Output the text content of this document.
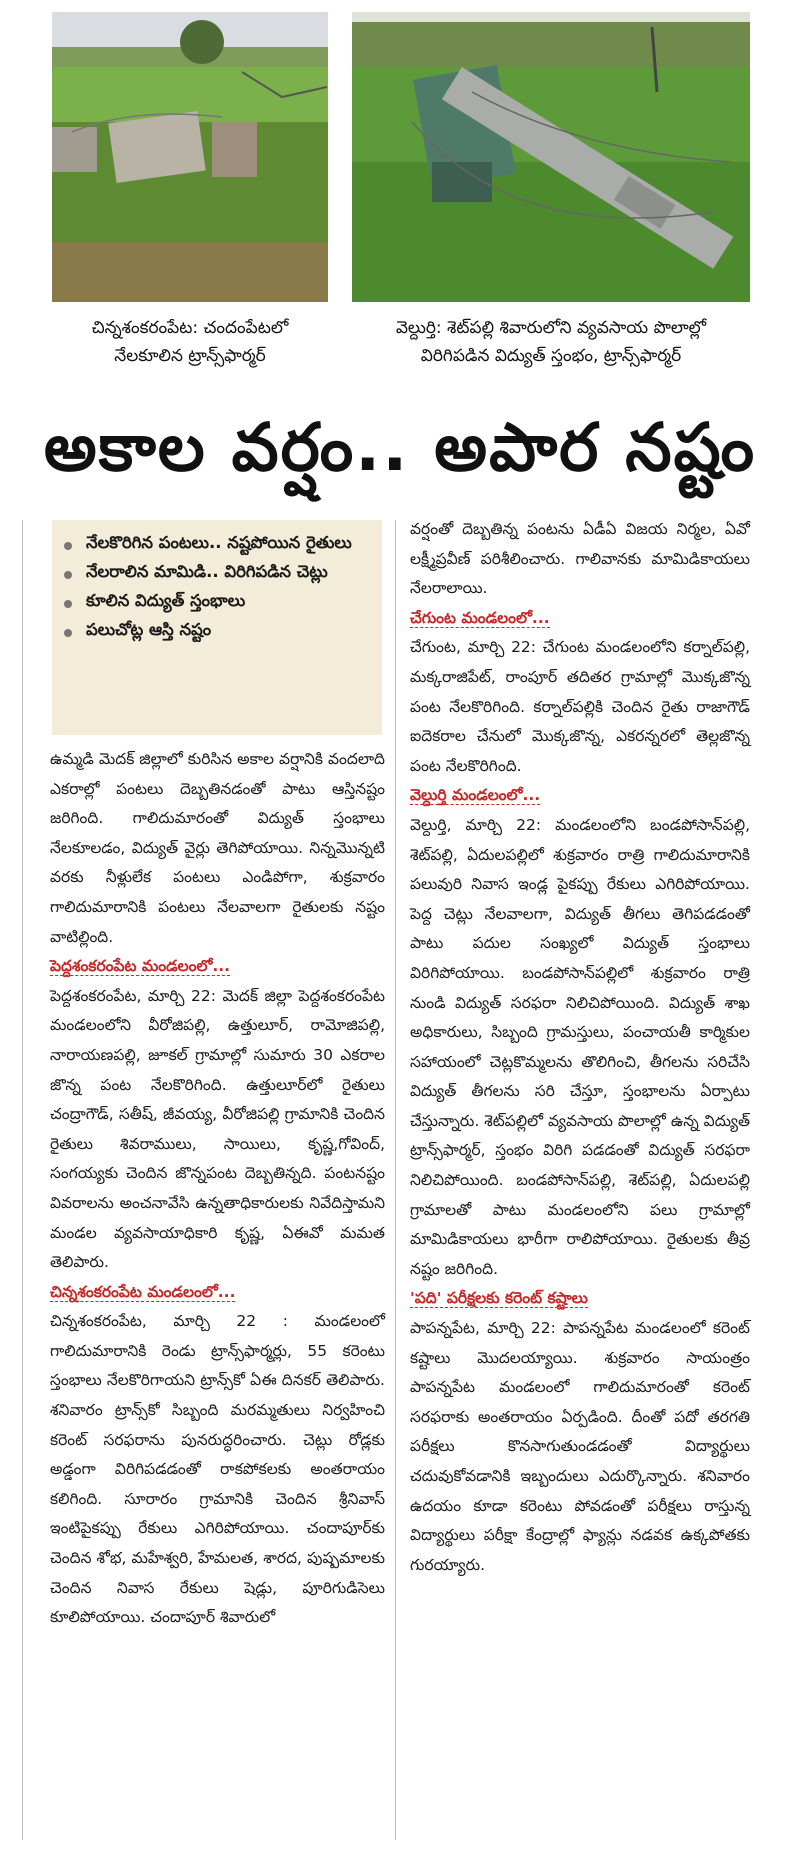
చిన్నశంకరంపేట: చందంపేటలో
నేలకూలిన ట్రాన్స్‌ఫార్మర్
వెల్దుర్తి: శెట్‌పల్లి శివారులోని వ్యవసాయ పొలాల్లో
విరిగిపడిన విద్యుత్ స్తంభం, ట్రాన్స్‌ఫార్మర్
అకాల వర్షం.. అపార నష్టం
నేలకొరిగిన పంటలు.. నష్టపోయిన రైతులు
నేలరాలిన మామిడి.. విరిగిపడిన చెట్లు
కూలిన విద్యుత్ స్తంభాలు
పలుచోట్ల ఆస్తి నష్టం

ఉమ్మడి మెదక్ జిల్లాలో కురిసిన అకాల వర్షానికి వందలాది ఎకరాల్లో పంటలు దెబ్బతినడంతో పాటు ఆస్తినష్టం జరిగింది. గాలిదుమారంతో విద్యుత్ స్తంభాలు నేలకూలడం, విద్యుత్ వైర్లు తెగిపోయాయి. నిన్నమొన్నటి వరకు నీళ్లులేక పంటలు ఎండిపోగా, శుక్రవారం గాలిదుమారానికి పంటలు నేలవాలగా రైతులకు నష్టం వాటిల్లింది.

పెద్దశంకరంపేట మండలంలో...

పెద్దశంకరంపేట, మార్చి 22: మెదక్ జిల్లా పెద్దశంకరంపేట మండలంలోని వీరోజిపల్లి, ఉత్తులూర్, రామోజిపల్లి, నారాయణపల్లి, జూకల్ గ్రామాల్లో సుమారు 30 ఎకరాల జొన్న పంట నేలకొరిగింది. ఉత్తులూర్‌లో రైతులు చంద్రాగౌడ్, సతీష్, జీవయ్య, వీరోజిపల్లి గ్రామానికి చెందిన రైతులు శివరాములు, సాయిలు, కృష్ణ,గోవింద్, సంగయ్యకు చెందిన జొన్నపంట దెబ్బతిన్నది. పంటనష్టం వివరాలను అంచనావేసి ఉన్నతాధికారులకు నివేదిస్తామని మండల వ్యవసాయాధికారి కృష్ణ, ఏఈవో మమత తెలిపారు.

చిన్నశంకరంపేట మండలంలో...

చిన్నశంకరంపేట, మార్చి 22 : మండలంలో గాలిదుమారానికి రెండు ట్రాన్స్‌ఫార్మర్లు, 55 కరెంటు స్తంభాలు నేలకొరిగాయని ట్రాన్స్‌కో ఏఈ దినకర్ తెలిపారు. శనివారం ట్రాన్స్‌కో సిబ్బంది మరమ్మతులు నిర్వహించి కరెంట్ సరఫరాను పునరుద్ధరించారు. చెట్లు రోడ్లకు అడ్డంగా విరిగిపడడంతో రాకపోకలకు అంతరాయం కలిగింది. సూరారం గ్రామానికి చెందిన శ్రీనివాస్ ఇంటిపైకప్పు రేకులు ఎగిరిపోయాయి. చందాపూర్‌కు చెందిన శోభ, మహేశ్వరి, హేమలత, శారద, పుష్పమాలకు చెందిన నివాస రేకులు షెడ్లు, పూరిగుడిసెలు కూలిపోయాయి. చందాపూర్ శివారులో

వర్షంతో దెబ్బతిన్న పంటను ఏడీఏ విజయ నిర్మల, ఏవో లక్ష్మీప్రవీణ్ పరిశీలించారు. గాలివానకు మామిడికాయలు నేలరాలాయి.

చేగుంట మండలంలో...

చేగుంట, మార్చి 22: చేగుంట మండలంలోని కర్నాల్‌పల్లి, మక్కరాజిపేట్, రాంపూర్ తదితర గ్రామాల్లో మొక్కజొన్న పంట నేలకొరిగింది. కర్నాల్‌పల్లికి చెందిన రైతు రాజాగౌడ్ ఐదెకరాల చేనులో మొక్కజొన్న, ఎకరన్నరలో తెల్లజొన్న పంట నేలకొరిగింది.

వెల్దుర్తి మండలంలో...

వెల్దుర్తి, మార్చి 22: మండలంలోని బండపోసాన్‌పల్లి, శెట్‌పల్లి, ఏదులపల్లిలో శుక్రవారం రాత్రి గాలిదుమారానికి పలువురి నివాస ఇండ్ల పైకప్పు రేకులు ఎగిరిపోయాయి. పెద్ద చెట్లు నేలవాలగా, విద్యుత్ తీగలు తెగిపడడంతో పాటు పదుల సంఖ్యలో విద్యుత్ స్తంభాలు విరిగిపోయాయి. బండపోసాన్‌పల్లిలో శుక్రవారం రాత్రి నుండి విద్యుత్ సరఫరా నిలిచిపోయింది. విద్యుత్ శాఖ అధికారులు, సిబ్బంది గ్రామస్తులు, పంచాయతీ కార్మికుల సహాయంలో చెట్లకొమ్మలను తొలిగించి, తీగలను సరిచేసి విద్యుత్ తీగలను సరి చేస్తూ, స్తంభాలను ఏర్పాటు చేస్తున్నారు. శెట్‌పల్లిలో వ్యవసాయ పొలాల్లో ఉన్న విద్యుత్ ట్రాన్స్‌ఫార్మర్, స్తంభం విరిగి పడడంతో విద్యుత్ సరఫరా నిలిచిపోయింది. బండపోసాన్‌పల్లి, శెట్‌పల్లి, ఏదులపల్లి గ్రామాలతో పాటు మండలంలోని పలు గ్రామాల్లో మామిడికాయలు భారీగా రాలిపోయాయి. రైతులకు తీవ్ర నష్టం జరిగింది.

'పది' పరీక్షలకు కరెంట్ కష్టాలు

పాపన్నపేట, మార్చి 22: పాపన్నపేట మండలంలో కరెంట్ కష్టాలు మొదలయ్యాయి. శుక్రవారం సాయంత్రం పాపన్నపేట మండలంలో గాలిదుమారంతో కరెంట్ సరఫరాకు అంతరాయం ఏర్పడింది. దీంతో పదో తరగతి పరీక్షలు కొనసాగుతుండడంతో విద్యార్థులు చదువుకోవడానికి ఇబ్బందులు ఎదుర్కొన్నారు. శనివారం ఉదయం కూడా కరెంటు పోవడంతో పరీక్షలు రాస్తున్న విద్యార్థులు పరీక్షా కేంద్రాల్లో ఫ్యాన్లు నడవక ఉక్కపోతకు గురయ్యారు.
